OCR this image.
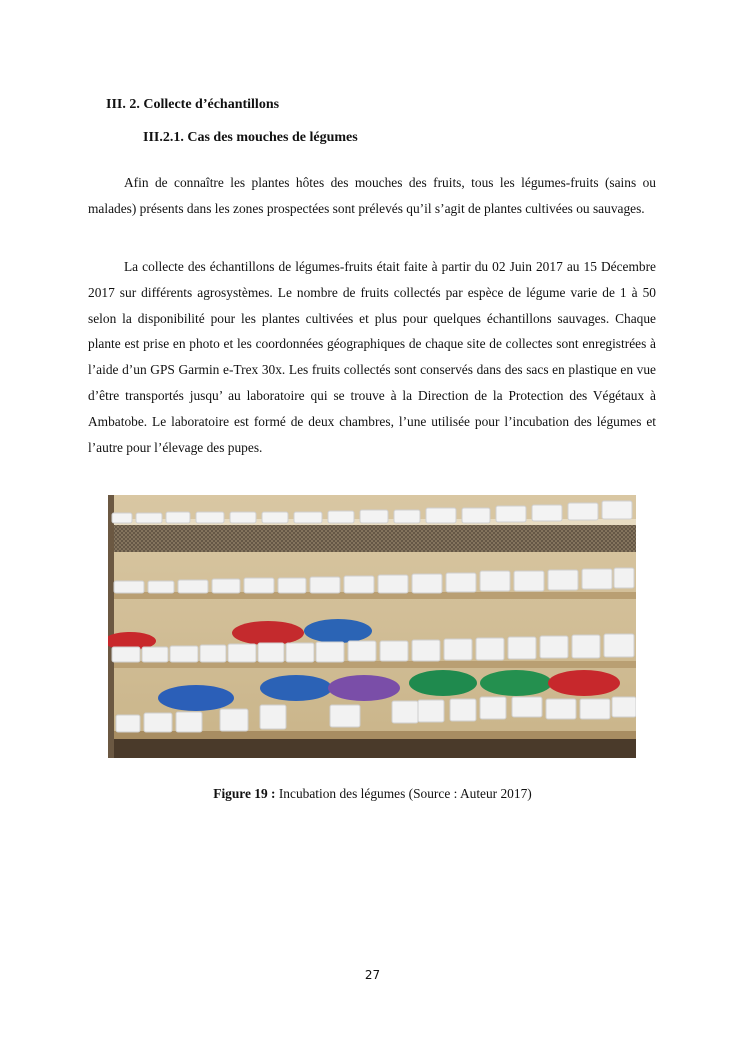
III. 2. Collecte d’échantillons
III.2.1. Cas des mouches de légumes

Afin de connaître les plantes hôtes des mouches des fruits, tous les légumes-fruits (sains ou malades) présents dans les zones prospectées sont prélevés qu’il s’agit de plantes cultivées ou sauvages.

La collecte des échantillons de légumes-fruits était faite à partir du 02 Juin 2017 au 15 Décembre 2017 sur différents agrosystèmes. Le nombre de fruits collectés par espèce de légume varie de 1 à 50 selon la disponibilité pour les plantes cultivées et plus pour quelques échantillons sauvages. Chaque plante est prise en photo et les coordonnées géographiques de chaque site de collectes sont enregistrées à l’aide d’un GPS Garmin e-Trex 30x. Les fruits collectés sont conservés dans des sacs en plastique en vue d’être transportés jusqu’ au laboratoire qui se trouve à la Direction de la Protection des Végétaux à Ambatobe. Le laboratoire est formé de deux chambres, l’une utilisée pour l’incubation des légumes et l’autre pour l’élevage des pupes.

Figure 19 : Incubation des légumes (Source : Auteur 2017)

27
